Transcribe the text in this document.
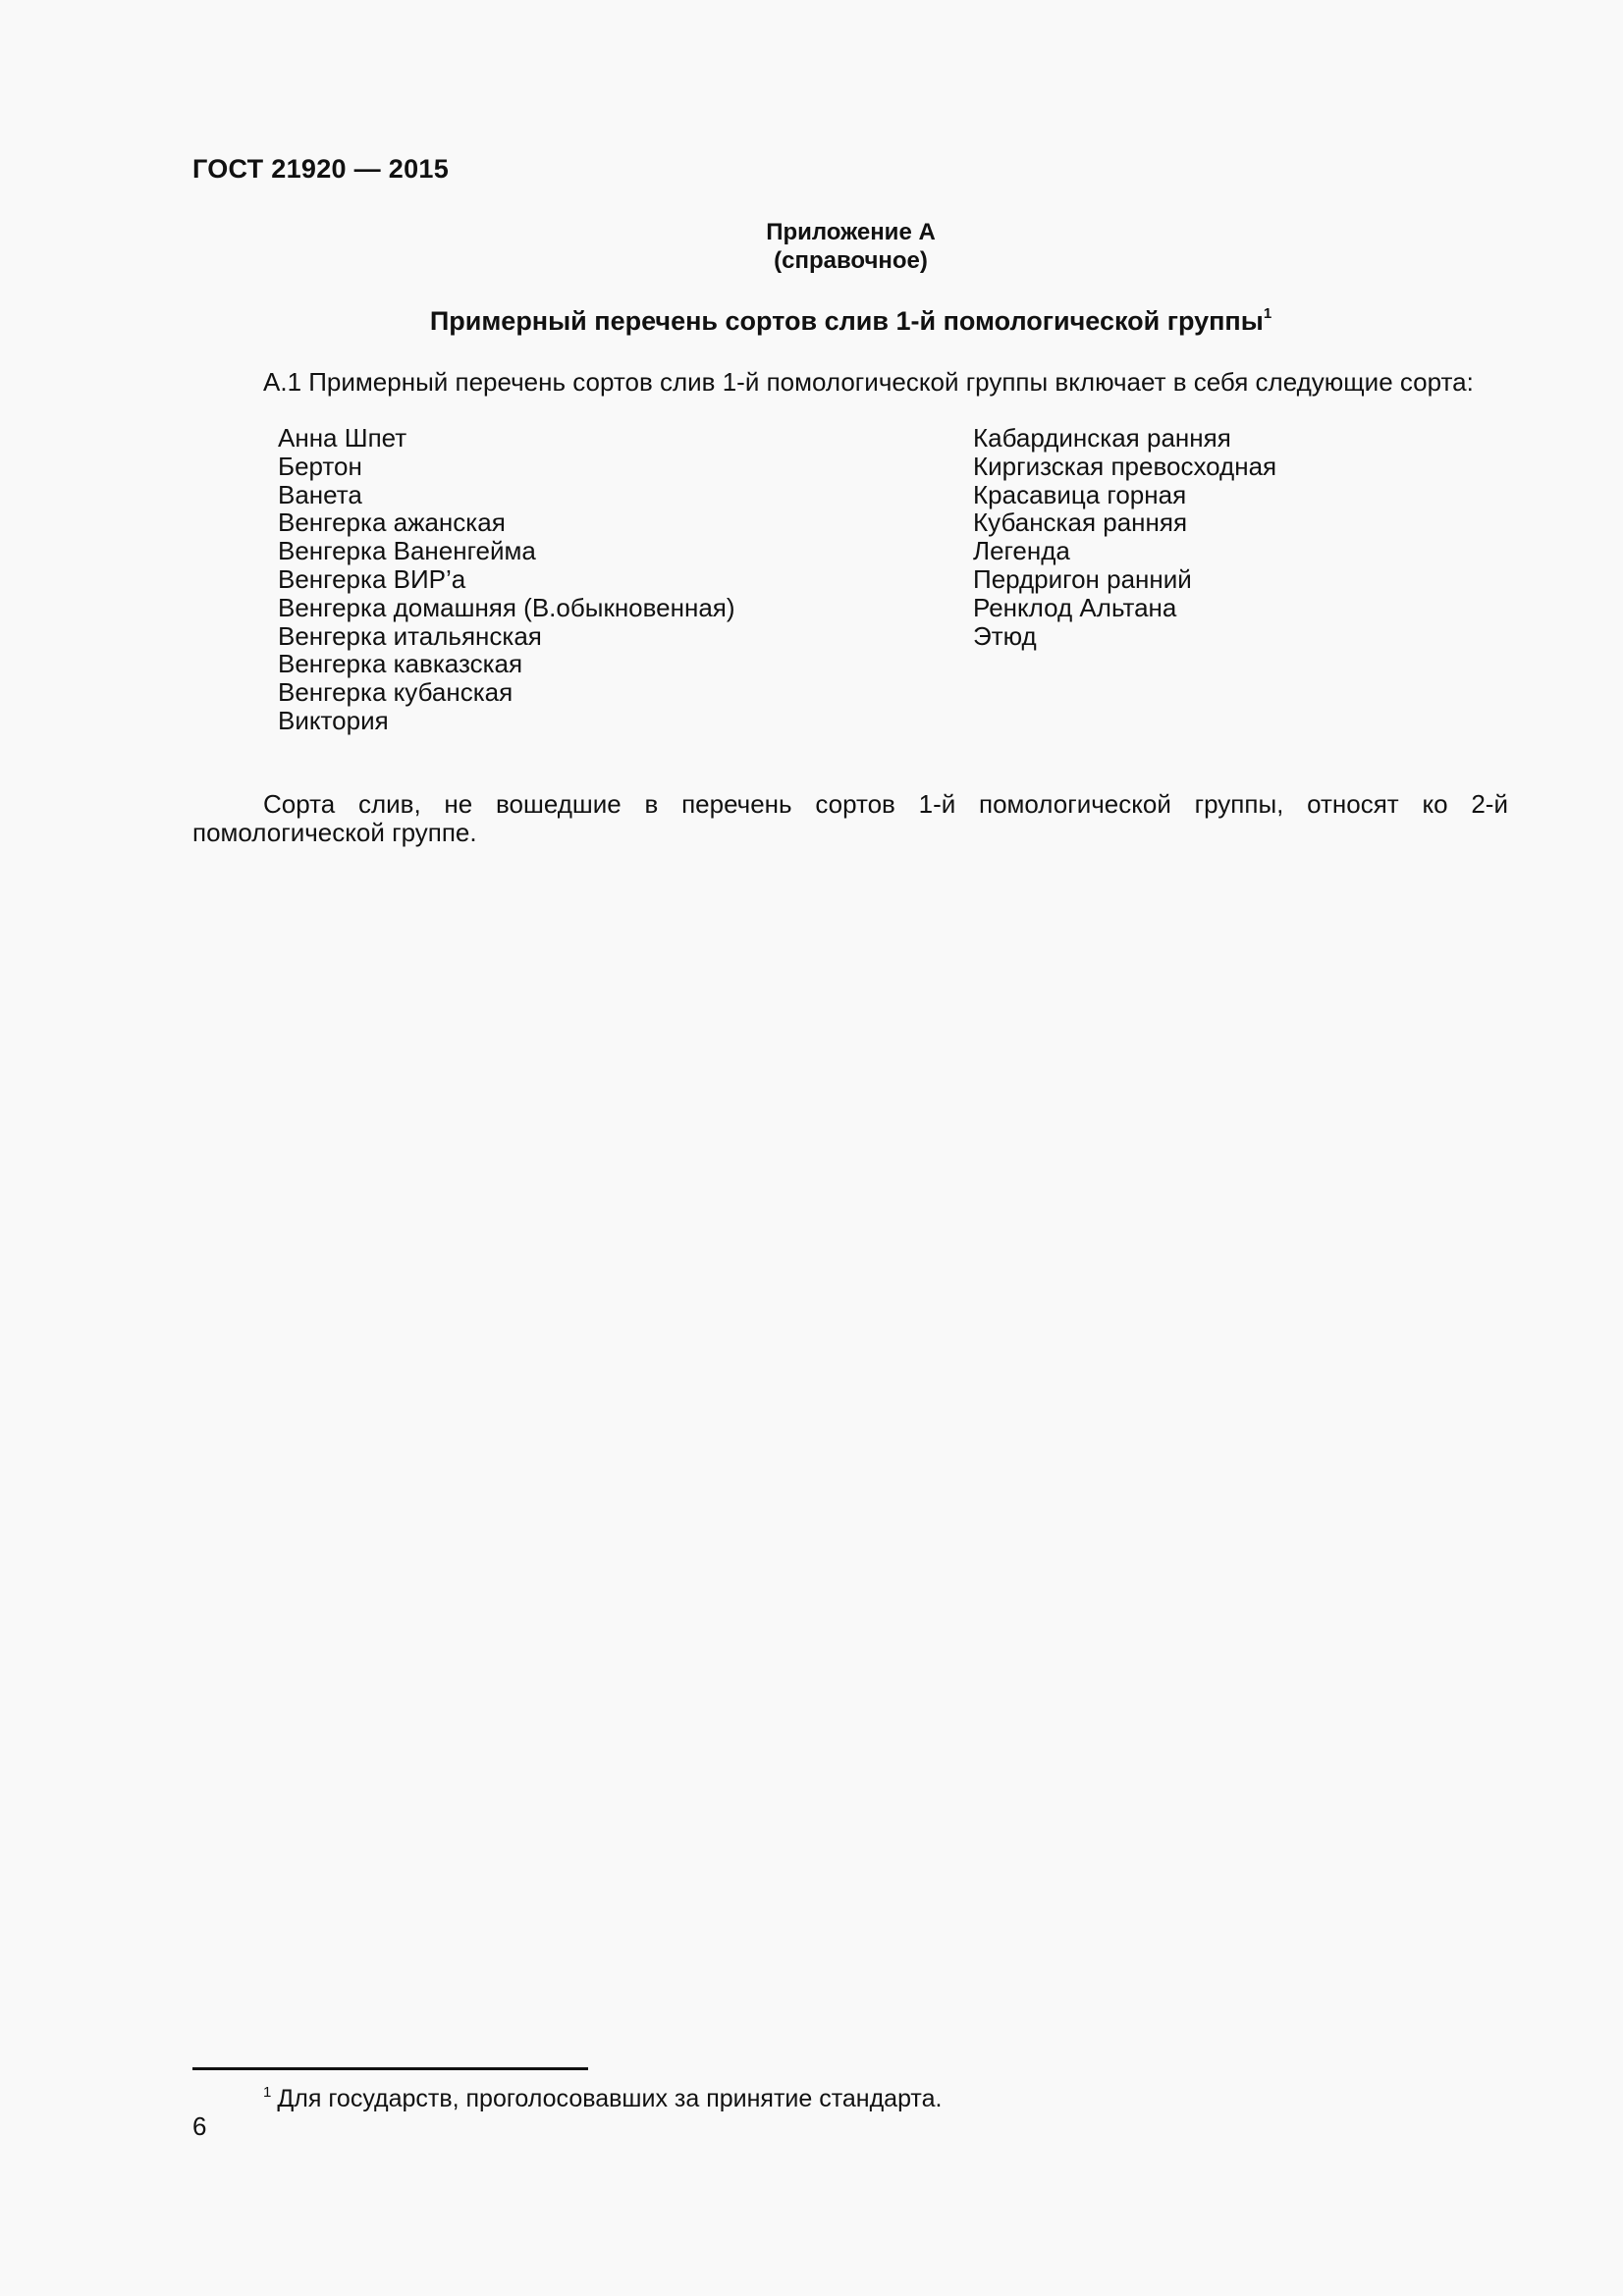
ГОСТ 21920 — 2015
Приложение А
(справочное)
Примерный перечень сортов слив 1-й помологической группы$^1$
А.1 Примерный перечень сортов слив 1-й помологической группы включает в себя следующие сорта:
Анна Шпет
Бертон
Ванета
Венгерка ажанская
Венгерка Ваненгейма
Венгерка ВИР’а
Венгерка домашняя (В.обыкновенная)
Венгерка итальянская
Венгерка кавказская
Венгерка кубанская
Виктория
Кабардинская ранняя
Киргизская превосходная
Красавица горная
Кубанская ранняя
Легенда
Пердригон ранний
Ренклод Альтана
Этюд

Сорта слив, не вошедшие в перечень сортов 1-й помологической группы, относят ко 2-й помологической группе.

$^1$ Для государств, проголосовавших за принятие стандарта.
6
